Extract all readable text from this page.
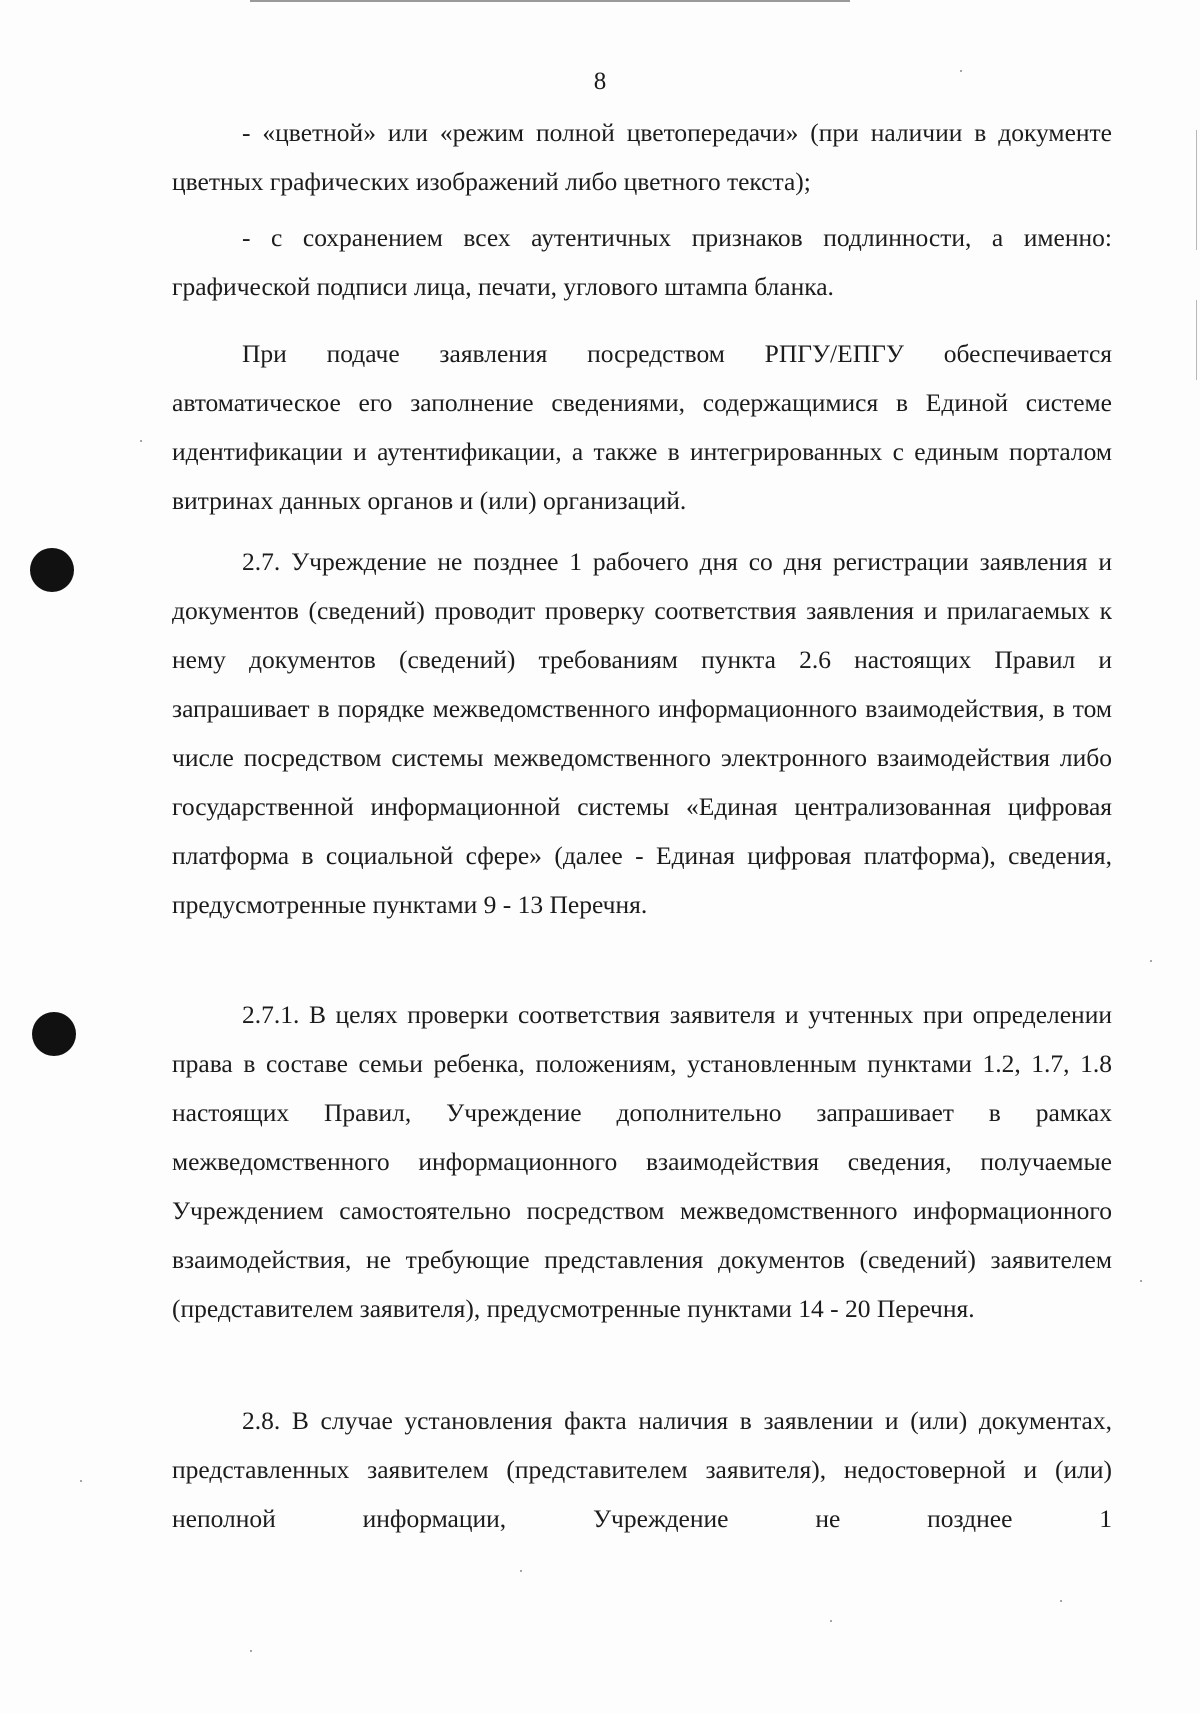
8

- «цветной» или «режим полной цветопередачи» (при наличии в документе цветных графических изображений либо цветного текста);

- с сохранением всех аутентичных признаков подлинности, а именно: графической подписи лица, печати, углового штампа бланка.

При подаче заявления посредством РПГУ/ЕПГУ обеспечивается автоматическое его заполнение сведениями, содержащимися в Единой системе идентификации и аутентификации, а также в интегрированных с единым порталом витринах данных органов и (или) организаций.

2.7. Учреждение не позднее 1 рабочего дня со дня регистрации заявления и документов (сведений) проводит проверку соответствия заявления и прилагаемых к нему документов (сведений) требованиям пункта 2.6 настоящих Правил и запрашивает в порядке межведомственного информационного взаимодействия, в том числе посредством системы межведомственного электронного взаимодействия либо государственной информационной системы «Единая централизованная цифровая платформа в социальной сфере» (далее - Единая цифровая платформа), сведения, предусмотренные пунктами 9 - 13 Перечня.

2.7.1. В целях проверки соответствия заявителя и учтенных при определении права в составе семьи ребенка, положениям, установленным пунктами 1.2, 1.7, 1.8 настоящих Правил, Учреждение дополнительно запрашивает в рамках межведомственного информационного взаимодействия сведения, получаемые Учреждением самостоятельно посредством межведомственного информационного взаимодействия, не требующие представления документов (сведений) заявителем (представителем заявителя), предусмотренные пунктами 14 - 20 Перечня.

2.8. В случае установления факта наличия в заявлении и (или) документах, представленных заявителем (представителем заявителя), недостоверной и (или) неполной информации, Учреждение не позднее 1
